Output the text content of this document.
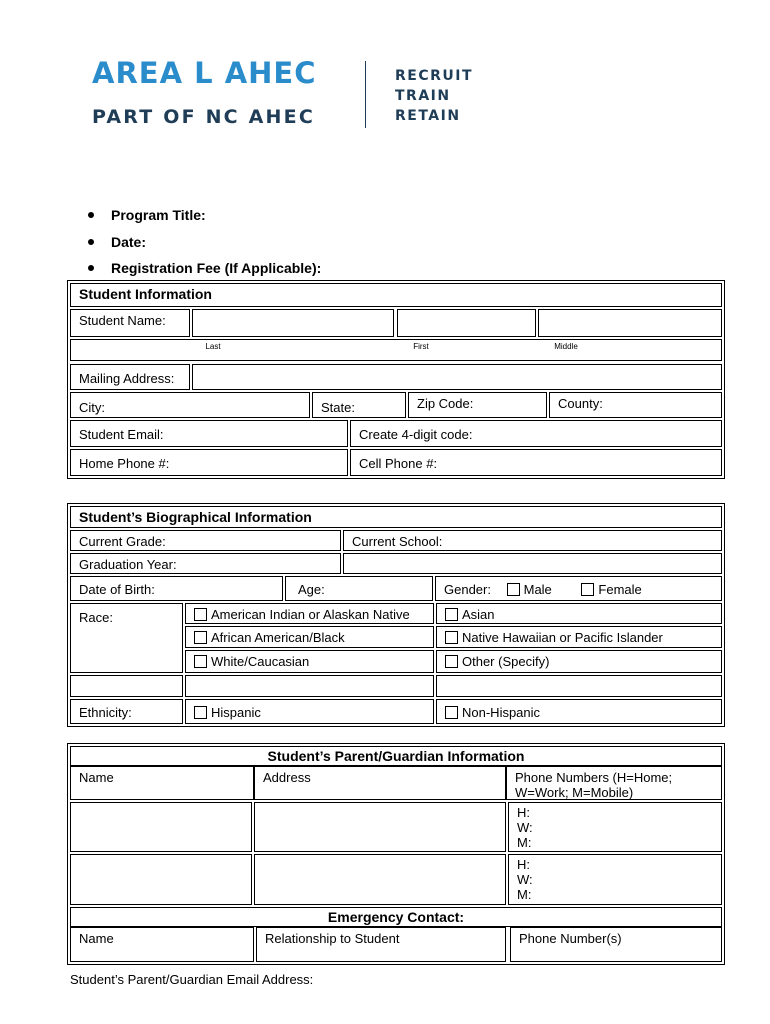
AREA L AHEC
PART OF NC AHEC
RECRUIT
TRAIN
RETAIN
Program Title:
Date:
Registration Fee (If Applicable):
Student Information
Student Name:
Last	First	Middle
Mailing Address:
City:	State:	Zip Code:	County:
Student Email:	Create 4-digit code:
Home Phone #:	Cell Phone #:
Student’s Biographical Information
Current Grade:	Current School:
Graduation Year:
Date of Birth:	Age:	Gender:	Male	Female
Race:	American Indian or Alaskan Native	Asian
African American/Black	Native Hawaiian or Pacific Islander
White/Caucasian	Other (Specify)
Ethnicity:	Hispanic	Non-Hispanic
Student’s Parent/Guardian Information
Name	Address	Phone Numbers (H=Home; W=Work; M=Mobile)
H:
W:
M:
H:
W:
M:
Emergency Contact:
Name	Relationship to Student	Phone Number(s)
Student’s Parent/Guardian Email Address:
